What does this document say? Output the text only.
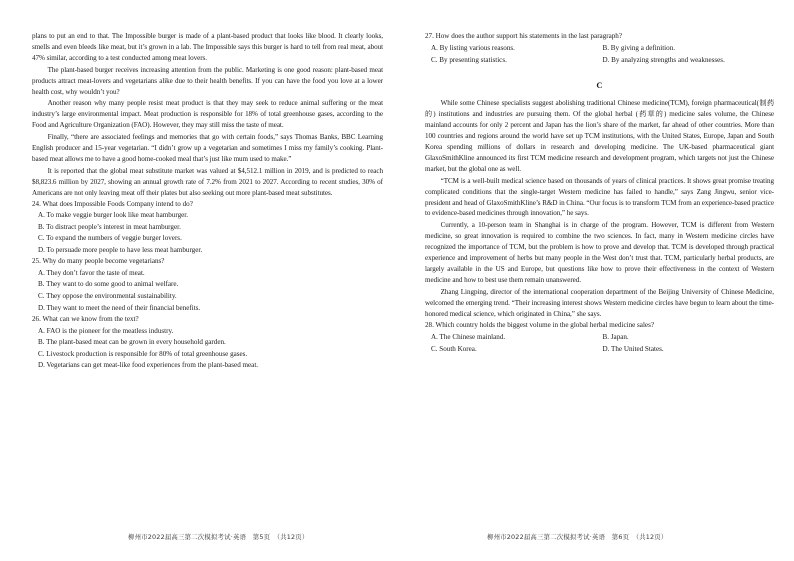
plans to put an end to that. The Impossible burger is made of a plant-based product that looks like blood. It clearly looks, smells and even bleeds like meat, but it’s grown in a lab. The Impossible says this burger is hard to tell from real meat, about 47% similar, according to a test conducted among meat lovers.

The plant-based burger receives increasing attention from the public. Marketing is one good reason: plant-based meat products attract meat-lovers and vegetarians alike due to their health benefits. If you can have the food you love at a lower health cost, why wouldn’t you?

Another reason why many people resist meat product is that they may seek to reduce animal suffering or the meat industry’s large environmental impact. Meat production is responsible for 18% of total greenhouse gases, according to the Food and Agriculture Organization (FAO). However, they may still miss the taste of meat.

Finally, “there are associated feelings and memories that go with certain foods,” says Thomas Banks, BBC Learning English producer and 15-year vegetarian. “I didn’t grow up a vegetarian and sometimes I miss my family’s cooking. Plant-based meat allows me to have a good home-cooked meal that’s just like mum used to make.”

It is reported that the global meat substitute market was valued at $4,512.1 million in 2019, and is predicted to reach $8,823.6 million by 2027, showing an annual growth rate of 7.2% from 2021 to 2027. According to recent studies, 30% of Americans are not only leaving meat off their plates but also seeking out more plant-based meat substitutes.

24. What does Impossible Foods Company intend to do?

A. To make veggie burger look like meat hamburger.

B. To distract people’s interest in meat hamburger.

C. To expand the numbers of veggie burger lovers.

D. To persuade more people to have less meat hamburger.

25. Why do many people become vegetarians?

A. They don’t favor the taste of meat.

B. They want to do some good to animal welfare.

C. They oppose the environmental sustainability.

D. They want to meet the need of their financial benefits.

26. What can we know from the text?

A. FAO is the pioneer for the meatless industry.

B. The plant-based meat can be grown in every household garden.

C. Livestock production is responsible for 80% of total greenhouse gases.

D. Vegetarians can get meat-like food experiences from the plant-based meat.

柳州市2022届高三第二次模拟考试·英语　第5页　（共12页）

27. How does the author support his statements in the last paragraph?

A. By listing various reasons.	B. By giving a definition.
C. By presenting statistics.	D. By analyzing strengths and weaknesses.
C

While some Chinese specialists suggest abolishing traditional Chinese medicine(TCM), foreign pharmaceutical(制药的) institutions and industries are pursuing them. Of the global herbal (药草的) medicine sales volume, the Chinese mainland accounts for only 2 percent and Japan has the lion’s share of the market, far ahead of other countries. More than 100 countries and regions around the world have set up TCM institutions, with the United States, Europe, Japan and South Korea spending millions of dollars in research and developing medicine. The UK-based pharmaceutical giant GlaxoSmithKline announced its first TCM medicine research and development program, which targets not just the Chinese market, but the global one as well.

“TCM is a well-built medical science based on thousands of years of clinical practices. It shows great promise treating complicated conditions that the single-target Western medicine has failed to handle,” says Zang Jingwu, senior vice-president and head of GlaxoSmithKline’s R&D in China. “Our focus is to transform TCM from an experience-based practice to evidence-based medicines through innovation,” he says.

Currently, a 10-person team in Shanghai is in charge of the program. However, TCM is different from Western medicine, so great innovation is required to combine the two sciences. In fact, many in Western medicine circles have recognized the importance of TCM, but the problem is how to prove and develop that. TCM is developed through practical experience and improvement of herbs but many people in the West don’t trust that. TCM, particularly herbal products, are largely available in the US and Europe, but questions like how to prove their effectiveness in the context of Western medicine and how to best use them remain unanswered.

Zhang Lingping, director of the international cooperation department of the Beijing University of Chinese Medicine, welcomed the emerging trend. “Their increasing interest shows Western medicine circles have begun to learn about the time-honored medical science, which originated in China,” she says.

28. Which country holds the biggest volume in the global herbal medicine sales?

A. The Chinese mainland.	B. Japan.
C. South Korea.	D. The United States.
柳州市2022届高三第二次模拟考试·英语　第6页　（共12页）
